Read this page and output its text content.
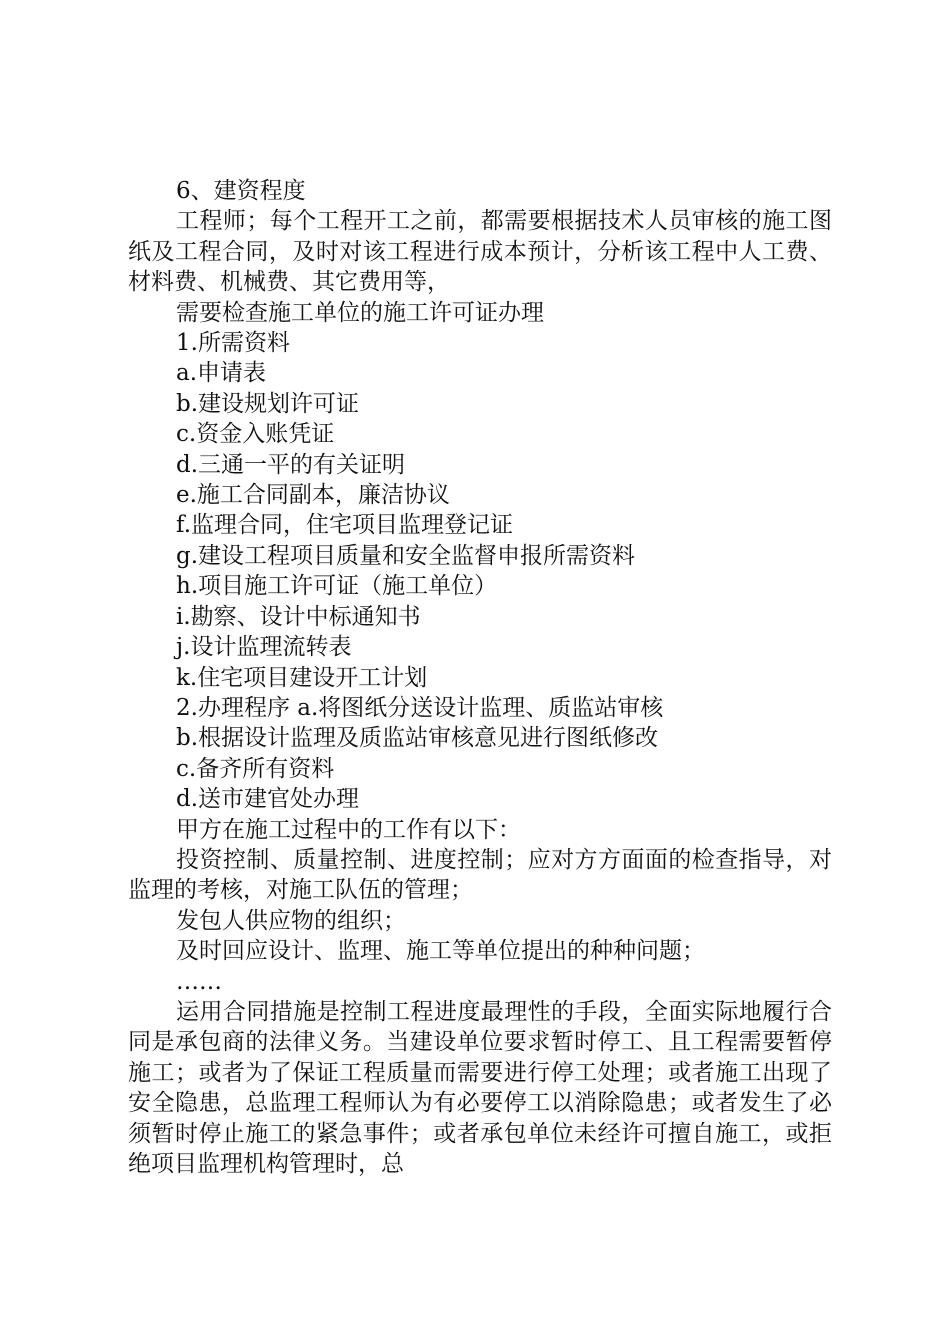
6、建资程度

工程师；每个工程开工之前，都需要根据技术人员审核的施工图纸及工程合同，及时对该工程进行成本预计，分析该工程中人工费、材料费、机械费、其它费用等，

需要检查施工单位的施工许可证办理

1.所需资料

a.申请表

b.建设规划许可证

c.资金入账凭证

d.三通一平的有关证明

e.施工合同副本，廉洁协议

f.监理合同，住宅项目监理登记证

g.建设工程项目质量和安全监督申报所需资料

h.项目施工许可证（施工单位）

i.勘察、设计中标通知书

j.设计监理流转表

k.住宅项目建设开工计划

2.办理程序 a.将图纸分送设计监理、质监站审核

b.根据设计监理及质监站审核意见进行图纸修改

c.备齐所有资料

d.送市建官处办理

甲方在施工过程中的工作有以下：

投资控制、质量控制、进度控制；应对方方面面的检查指导，对监理的考核，对施工队伍的管理；

发包人供应物的组织；

及时回应设计、监理、施工等单位提出的种种问题；

……

运用合同措施是控制工程进度最理性的手段，全面实际地履行合同是承包商的法律义务。当建设单位要求暂时停工、且工程需要暂停施工；或者为了保证工程质量而需要进行停工处理；或者施工出现了安全隐患，总监理工程师认为有必要停工以消除隐患；或者发生了必须暂时停止施工的紧急事件；或者承包单位未经许可擅自施工，或拒绝项目监理机构管理时，总
